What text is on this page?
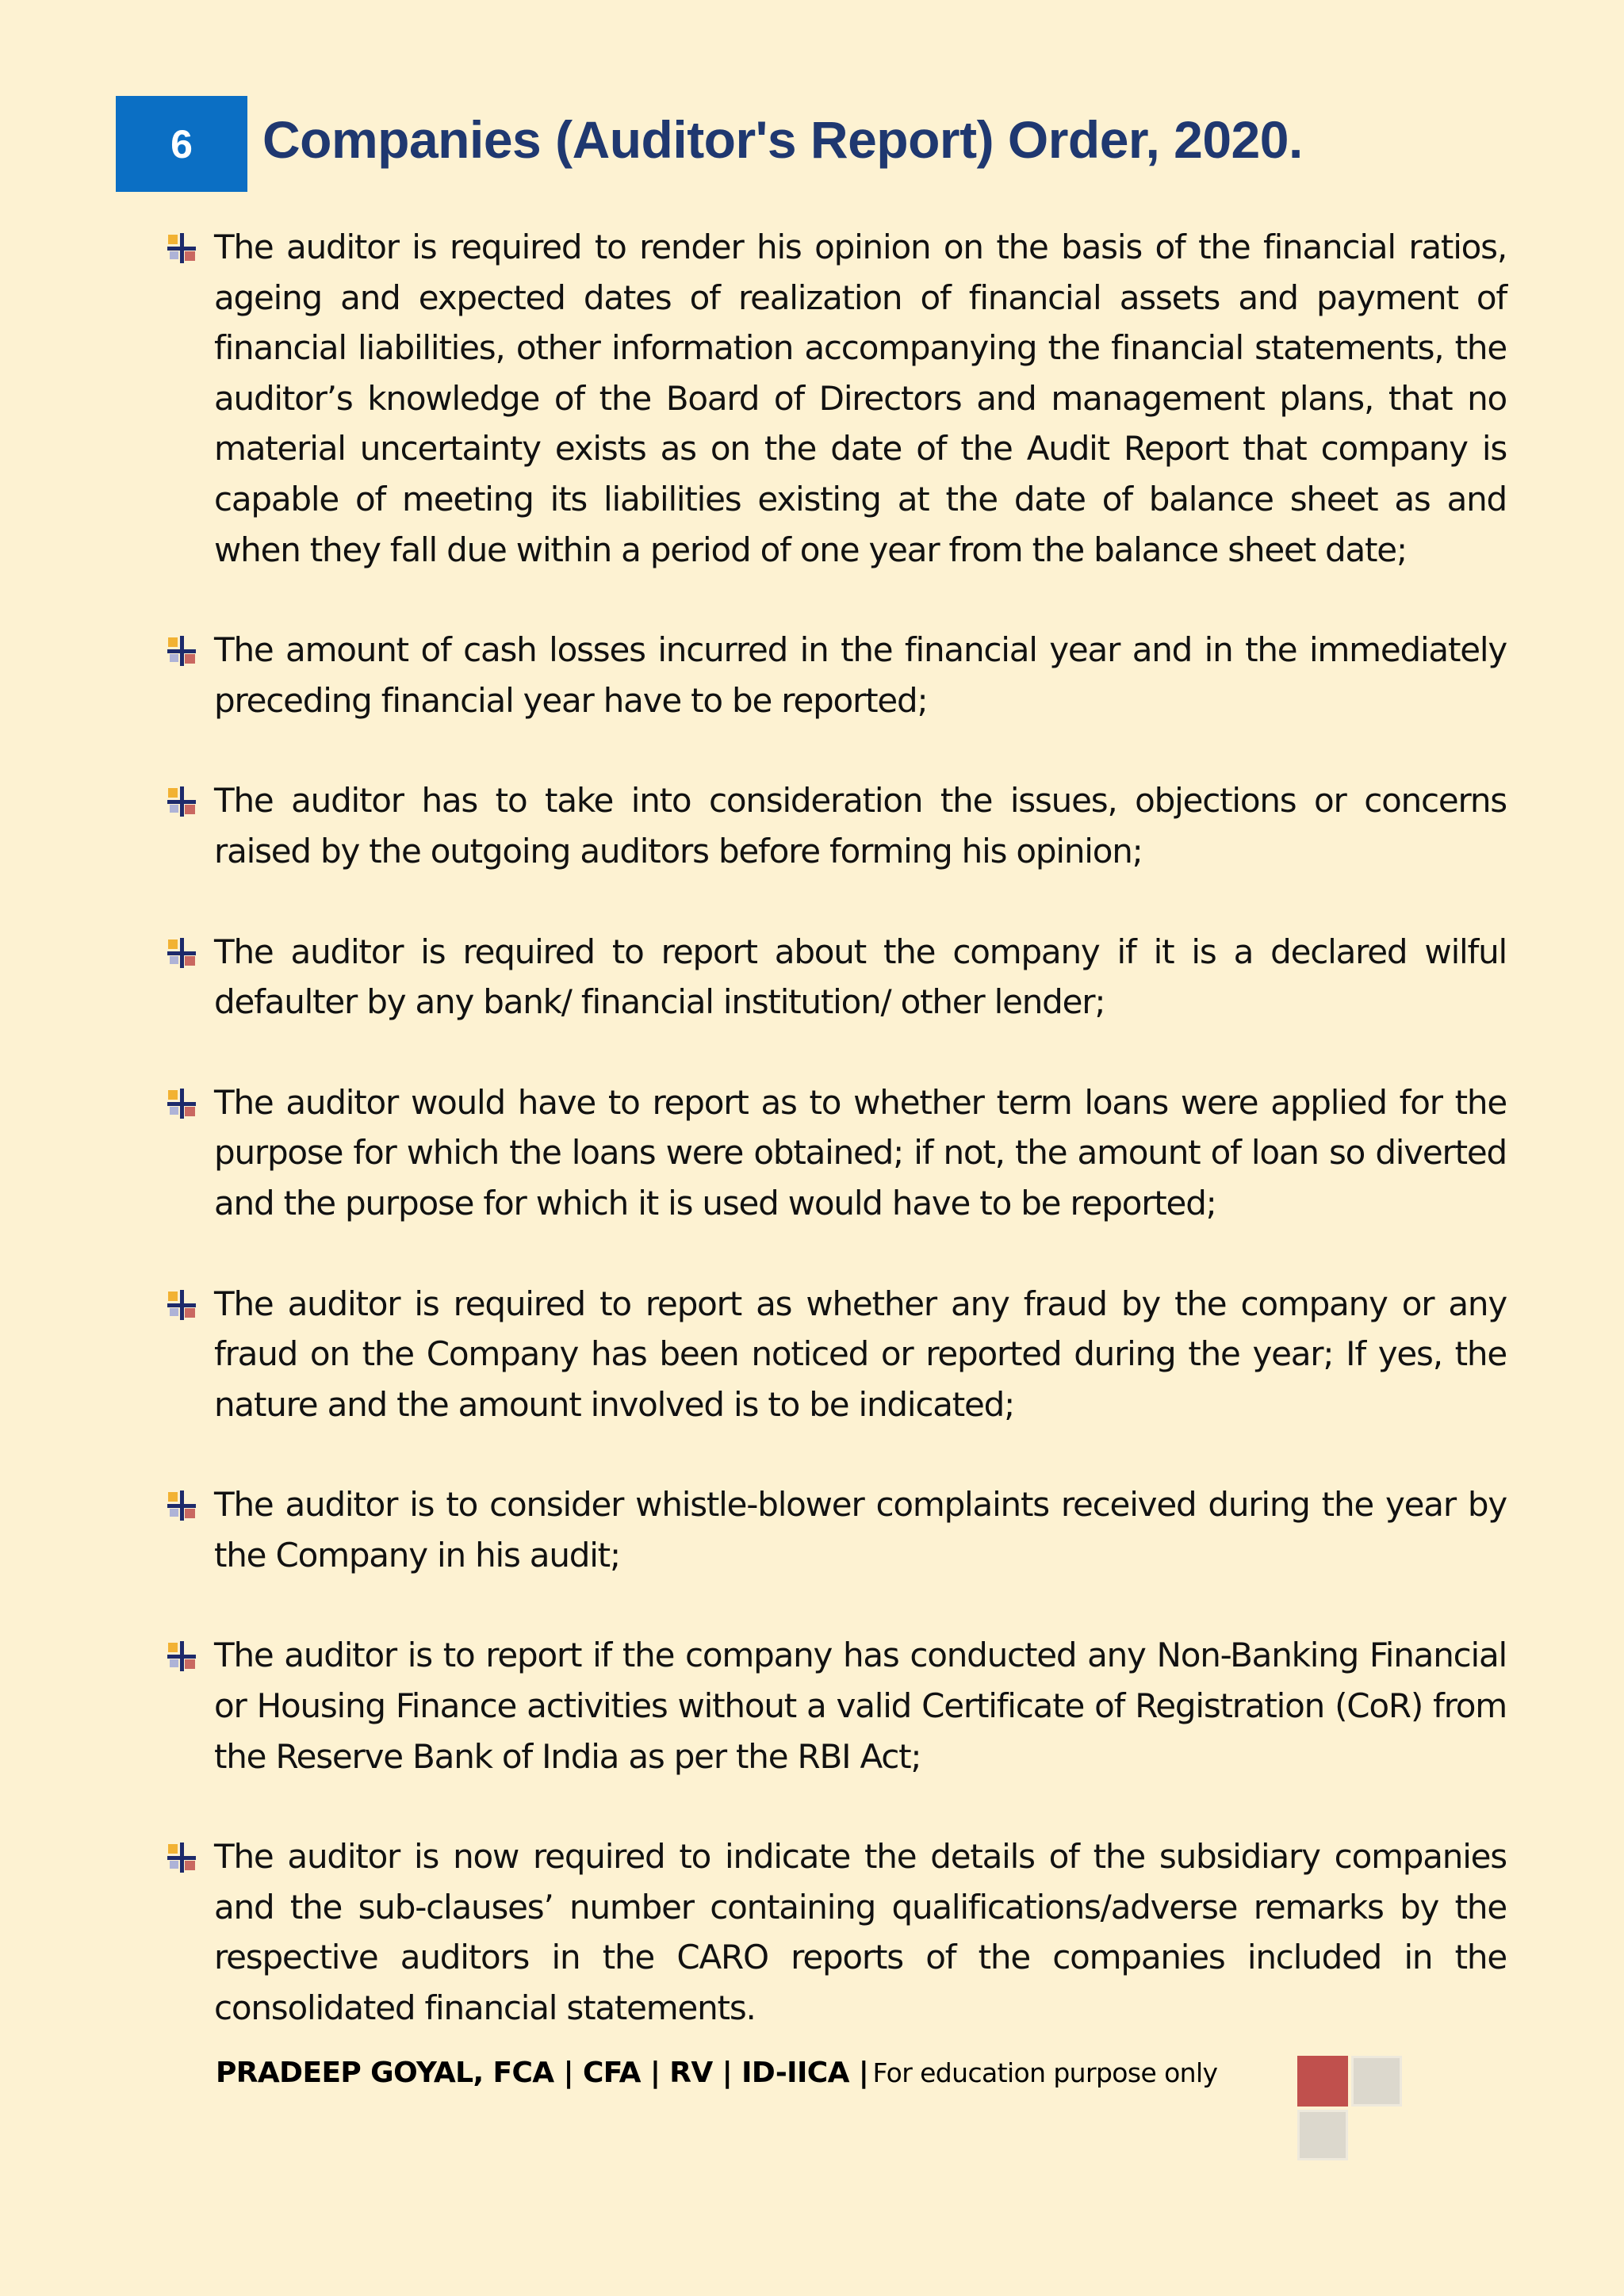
6 Companies (Auditor's Report) Order, 2020.
The auditor is required to render his opinion on the basis of the financial ratios, ageing and expected dates of realization of financial assets and payment of financial liabilities, other information accompanying the financial statements, the auditor’s knowledge of the Board of Directors and management plans, that no material uncertainty exists as on the date of the Audit Report that company is capable of meeting its liabilities existing at the date of balance sheet as and when they fall due within a period of one year from the balance sheet date;
The amount of cash losses incurred in the financial year and in the immediately preceding financial year have to be reported;
The auditor has to take into consideration the issues, objections or concerns raised by the outgoing auditors before forming his opinion;
The auditor is required to report about the company if it is a declared wilful defaulter by any bank/ financial institution/ other lender;
The auditor would have to report as to whether term loans were applied for the purpose for which the loans were obtained; if not, the amount of loan so diverted and the purpose for which it is used would have to be reported;
The auditor is required to report as whether any fraud by the company or any fraud on the Company has been noticed or reported during the year; If yes, the nature and the amount involved is to be indicated;
The auditor is to consider whistle-blower complaints received during the year by the Company in his audit;
The auditor is to report if the company has conducted any Non-Banking Financial or Housing Finance activities without a valid Certificate of Registration (CoR) from the Reserve Bank of India as per the RBI Act;
The auditor is now required to indicate the details of the subsidiary companies and the sub-clauses’ number containing qualifications/adverse remarks by the respective auditors in the CARO reports of the companies included in the consolidated financial statements.
PRADEEP GOYAL, FCA | CFA | RV | ID-IICA | For education purpose only
